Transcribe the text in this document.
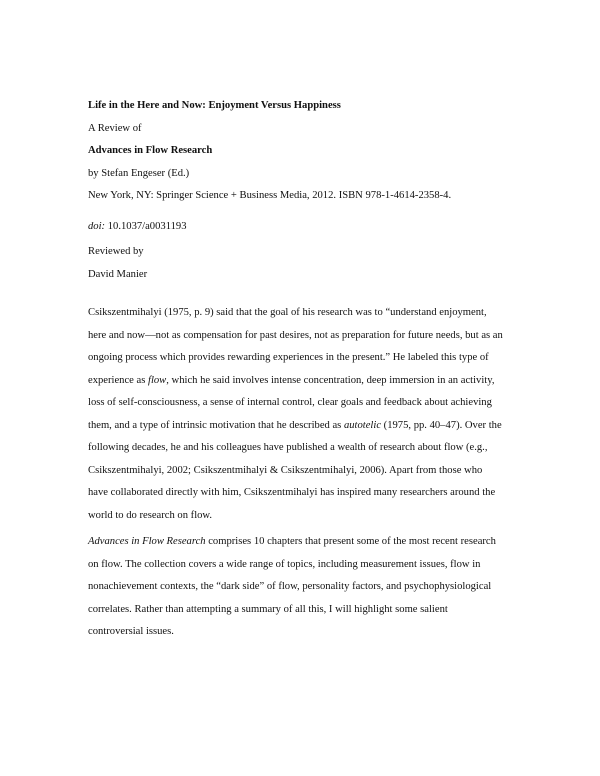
Life in the Here and Now: Enjoyment Versus Happiness
A Review of
Advances in Flow Research
by Stefan Engeser (Ed.)
New York, NY: Springer Science + Business Media, 2012. ISBN 978-1-4614-2358-4.
doi: 10.1037/a0031193
Reviewed by
David Manier
Csikszentmihalyi (1975, p. 9) said that the goal of his research was to “understand enjoyment,
here and now—not as compensation for past desires, not as preparation for future needs, but as an
ongoing process which provides rewarding experiences in the present.” He labeled this type of
experience as flow, which he said involves intense concentration, deep immersion in an activity,
loss of self-consciousness, a sense of internal control, clear goals and feedback about achieving
them, and a type of intrinsic motivation that he described as autotelic (1975, pp. 40–47). Over the
following decades, he and his colleagues have published a wealth of research about flow (e.g.,
Csikszentmihalyi, 2002; Csikszentmihalyi & Csikszentmihalyi, 2006). Apart from those who
have collaborated directly with him, Csikszentmihalyi has inspired many researchers around the
world to do research on flow.
Advances in Flow Research comprises 10 chapters that present some of the most recent research
on flow. The collection covers a wide range of topics, including measurement issues, flow in
nonachievement contexts, the “dark side” of flow, personality factors, and psychophysiological
correlates. Rather than attempting a summary of all this, I will highlight some salient
controversial issues.
